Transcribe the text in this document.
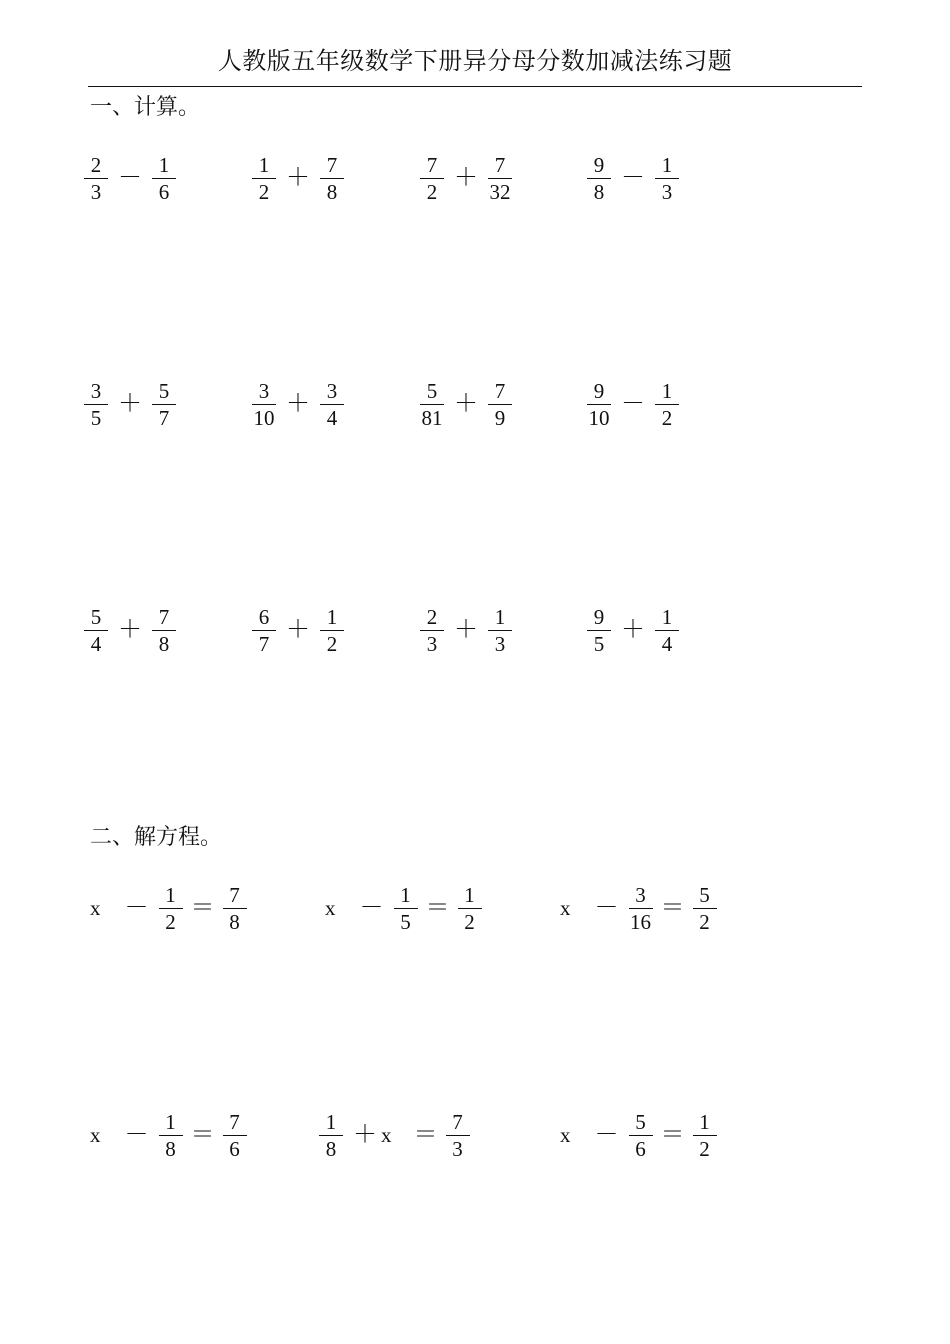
人教版五年级数学下册异分母分数加减法练习题
一、计算。
$\frac{2}{3} - \frac{1}{6}$	$\frac{1}{2} + \frac{7}{8}$	$\frac{7}{2} + \frac{7}{32}$	$\frac{9}{8} - \frac{1}{3}$
$\frac{3}{5} + \frac{5}{7}$	$\frac{3}{10} + \frac{3}{4}$	$\frac{5}{81} + \frac{7}{9}$	$\frac{9}{10} - \frac{1}{2}$
$\frac{5}{4} + \frac{7}{8}$	$\frac{6}{7} + \frac{1}{2}$	$\frac{2}{3} + \frac{1}{3}$	$\frac{9}{5} + \frac{1}{4}$
二、解方程。
$x - \frac{1}{2} = \frac{7}{8}$	$x - \frac{1}{5} = \frac{1}{2}$	$x - \frac{3}{16} = \frac{5}{2}$
$x - \frac{1}{8} = \frac{7}{6}$	$\frac{1}{8} + x = \frac{7}{3}$	$x - \frac{5}{6} = \frac{1}{2}$
